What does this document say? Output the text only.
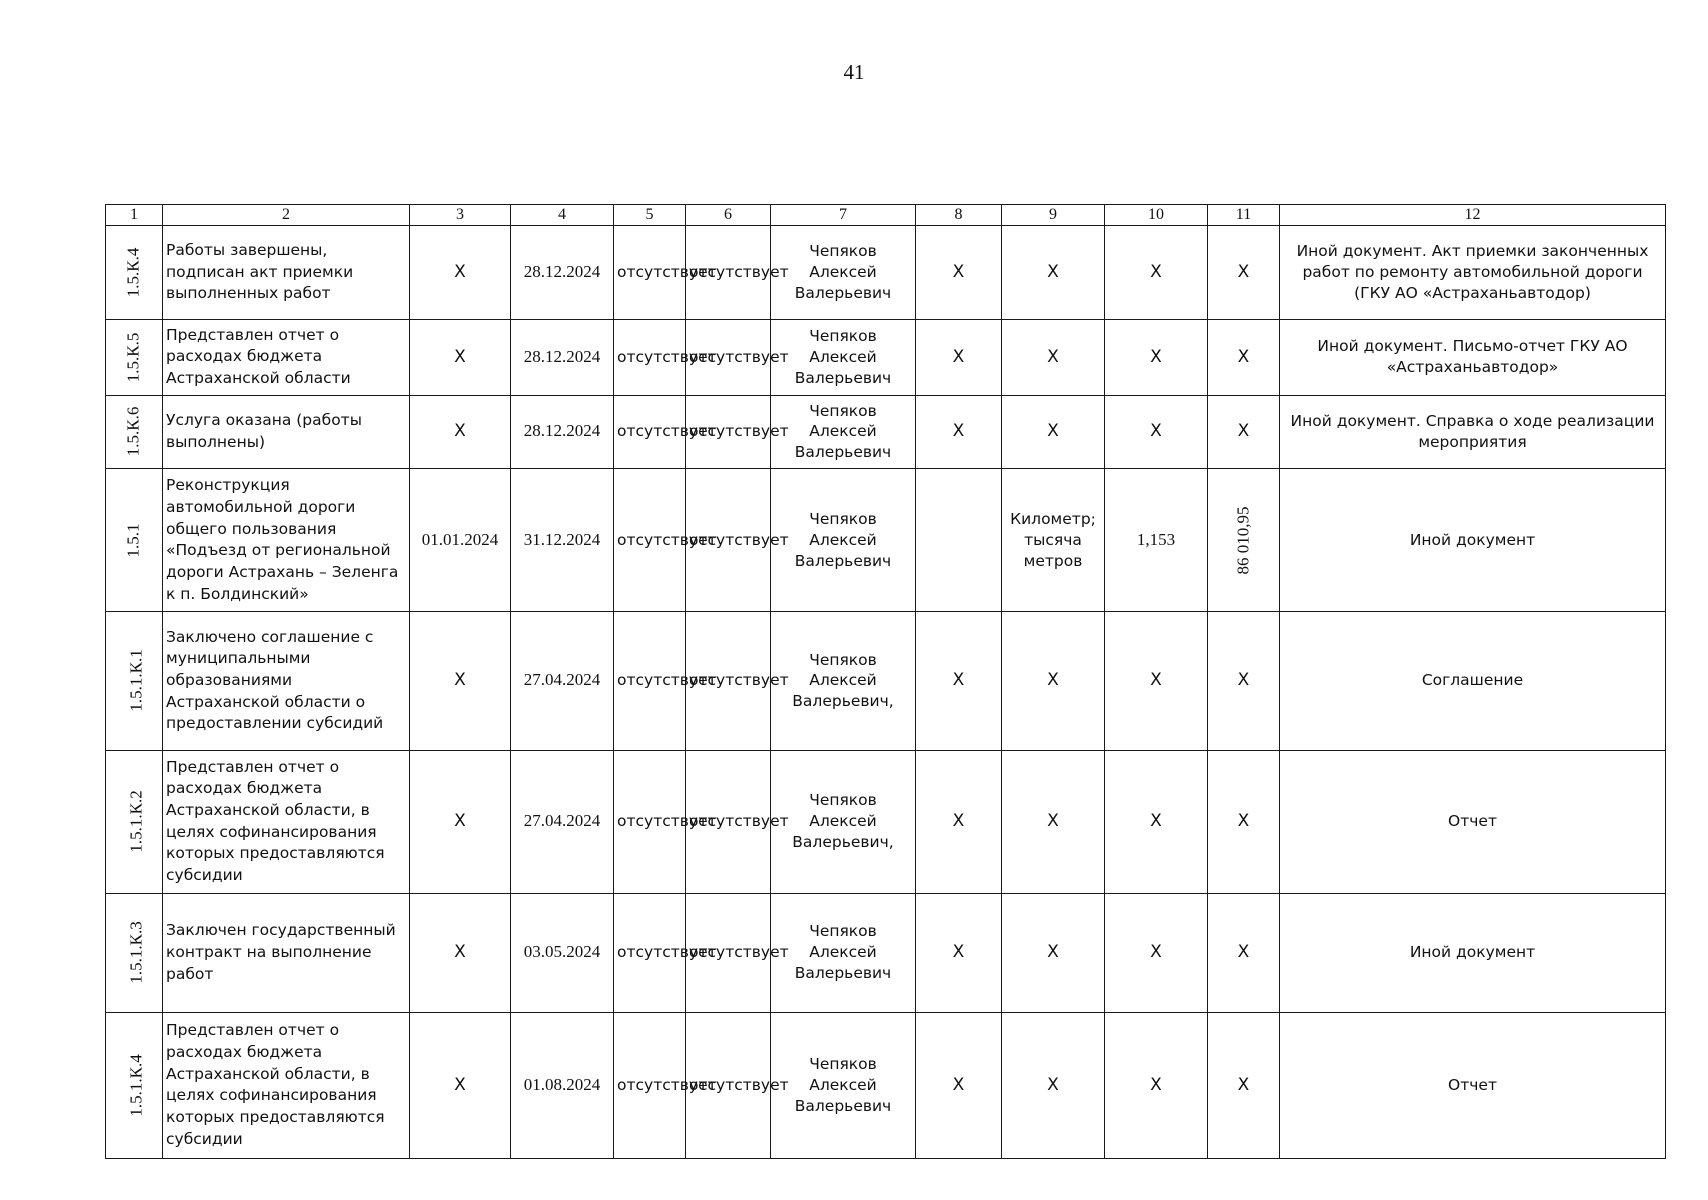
41
1	2	3	4	5	6	7	8	9	10	11	12
1.5.К.4	Работы завершены, подписан акт приемки выполненных работ	X	28.12.2024	отсутствует	отсутствует	Чепяков Алексей Валерьевич	X	X	X	X	Иной документ. Акт приемки законченных работ по ремонту автомобильной дороги (ГКУ АО «Астраханьавтодор)
1.5.К.5	Представлен отчет о расходах бюджета Астраханской области	X	28.12.2024	отсутствует	отсутствует	Чепяков Алексей Валерьевич	X	X	X	X	Иной документ. Письмо-отчет ГКУ АО «Астраханьавтодор»
1.5.К.6	Услуга оказана (работы выполнены)	X	28.12.2024	отсутствует	отсутствует	Чепяков Алексей Валерьевич	X	X	X	X	Иной документ. Справка о ходе реализации мероприятия
1.5.1	Реконструкция автомобильной дороги общего пользования «Подъезд от региональной дороги Астрахань – Зеленга к п. Болдинский»	01.01.2024	31.12.2024	отсутствует	отсутствует	Чепяков Алексей Валерьевич		Километр; тысяча метров	1,153	86 010,95	Иной документ
1.5.1.К.1	Заключено соглашение с муниципальными образованиями Астраханской области о предоставлении субсидий	X	27.04.2024	отсутствует	отсутствует	Чепяков Алексей Валерьевич,	X	X	X	X	Соглашение
1.5.1.К.2	Представлен отчет о расходах бюджета Астраханской области, в целях софинансирования которых предоставляются субсидии	X	27.04.2024	отсутствует	отсутствует	Чепяков Алексей Валерьевич,	X	X	X	X	Отчет
1.5.1.К.3	Заключен государственный контракт на выполнение работ	X	03.05.2024	отсутствует	отсутствует	Чепяков Алексей Валерьевич	X	X	X	X	Иной документ
1.5.1.К.4	Представлен отчет о расходах бюджета Астраханской области, в целях софинансирования которых предоставляются субсидии	X	01.08.2024	отсутствует	отсутствует	Чепяков Алексей Валерьевич	X	X	X	X	Отчет
